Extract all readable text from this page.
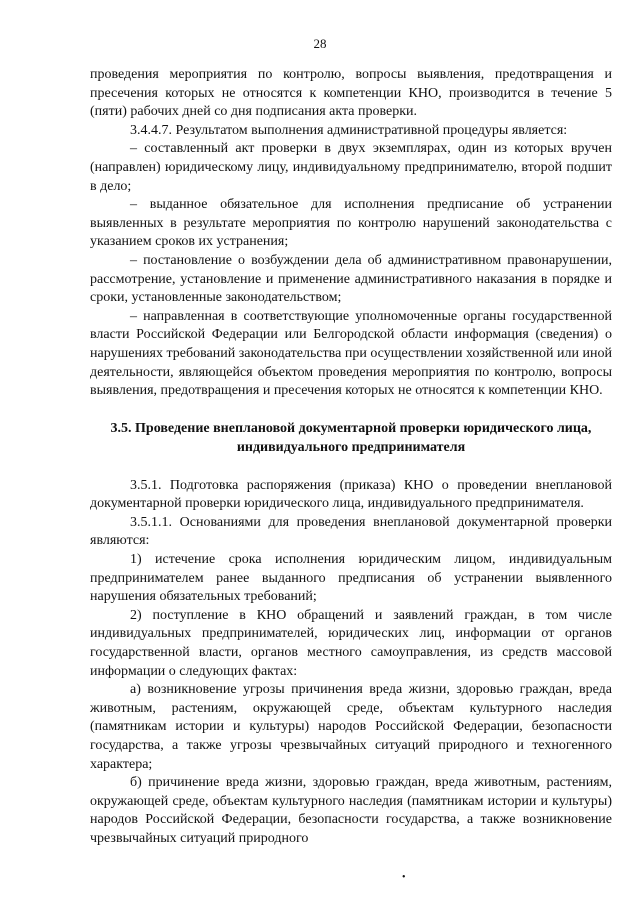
28

проведения мероприятия по контролю, вопросы выявления, предотвращения и пресечения которых не относятся к компетенции КНО, производится в течение 5 (пяти) рабочих дней со дня подписания акта проверки.

3.4.4.7. Результатом выполнения административной процедуры является:

– составленный акт проверки в двух экземплярах, один из которых вручен (направлен) юридическому лицу, индивидуальному предпринимателю, второй подшит в дело;

– выданное обязательное для исполнения предписание об устранении выявленных в результате мероприятия по контролю нарушений законодательства с указанием сроков их устранения;

– постановление о возбуждении дела об административном правонарушении, рассмотрение, установление и применение административного наказания в порядке и сроки, установленные законодательством;

– направленная в соответствующие уполномоченные органы государственной власти Российской Федерации или Белгородской области информация (сведения) о нарушениях требований законодательства при осуществлении хозяйственной или иной деятельности, являющейся объектом проведения мероприятия по контролю, вопросы выявления, предотвращения и пресечения которых не относятся к компетенции КНО.

3.5. Проведение внеплановой документарной проверки юридического лица, индивидуального предпринимателя

3.5.1. Подготовка распоряжения (приказа) КНО о проведении внеплановой документарной проверки юридического лица, индивидуального предпринимателя.

3.5.1.1. Основаниями для проведения внеплановой документарной проверки являются:

1) истечение срока исполнения юридическим лицом, индивидуальным предпринимателем ранее выданного предписания об устранении выявленного нарушения обязательных требований;

2) поступление в КНО обращений и заявлений граждан, в том числе индивидуальных предпринимателей, юридических лиц, информации от органов государственной власти, органов местного самоуправления, из средств массовой информации о следующих фактах:

а) возникновение угрозы причинения вреда жизни, здоровью граждан, вреда животным, растениям, окружающей среде, объектам культурного наследия (памятникам истории и культуры) народов Российской Федерации, безопасности государства, а также угрозы чрезвычайных ситуаций природного и техногенного характера;

б) причинение вреда жизни, здоровью граждан, вреда животным, растениям, окружающей среде, объектам культурного наследия (памятникам истории и культуры) народов Российской Федерации, безопасности государства, а также возникновение чрезвычайных ситуаций природного

•
